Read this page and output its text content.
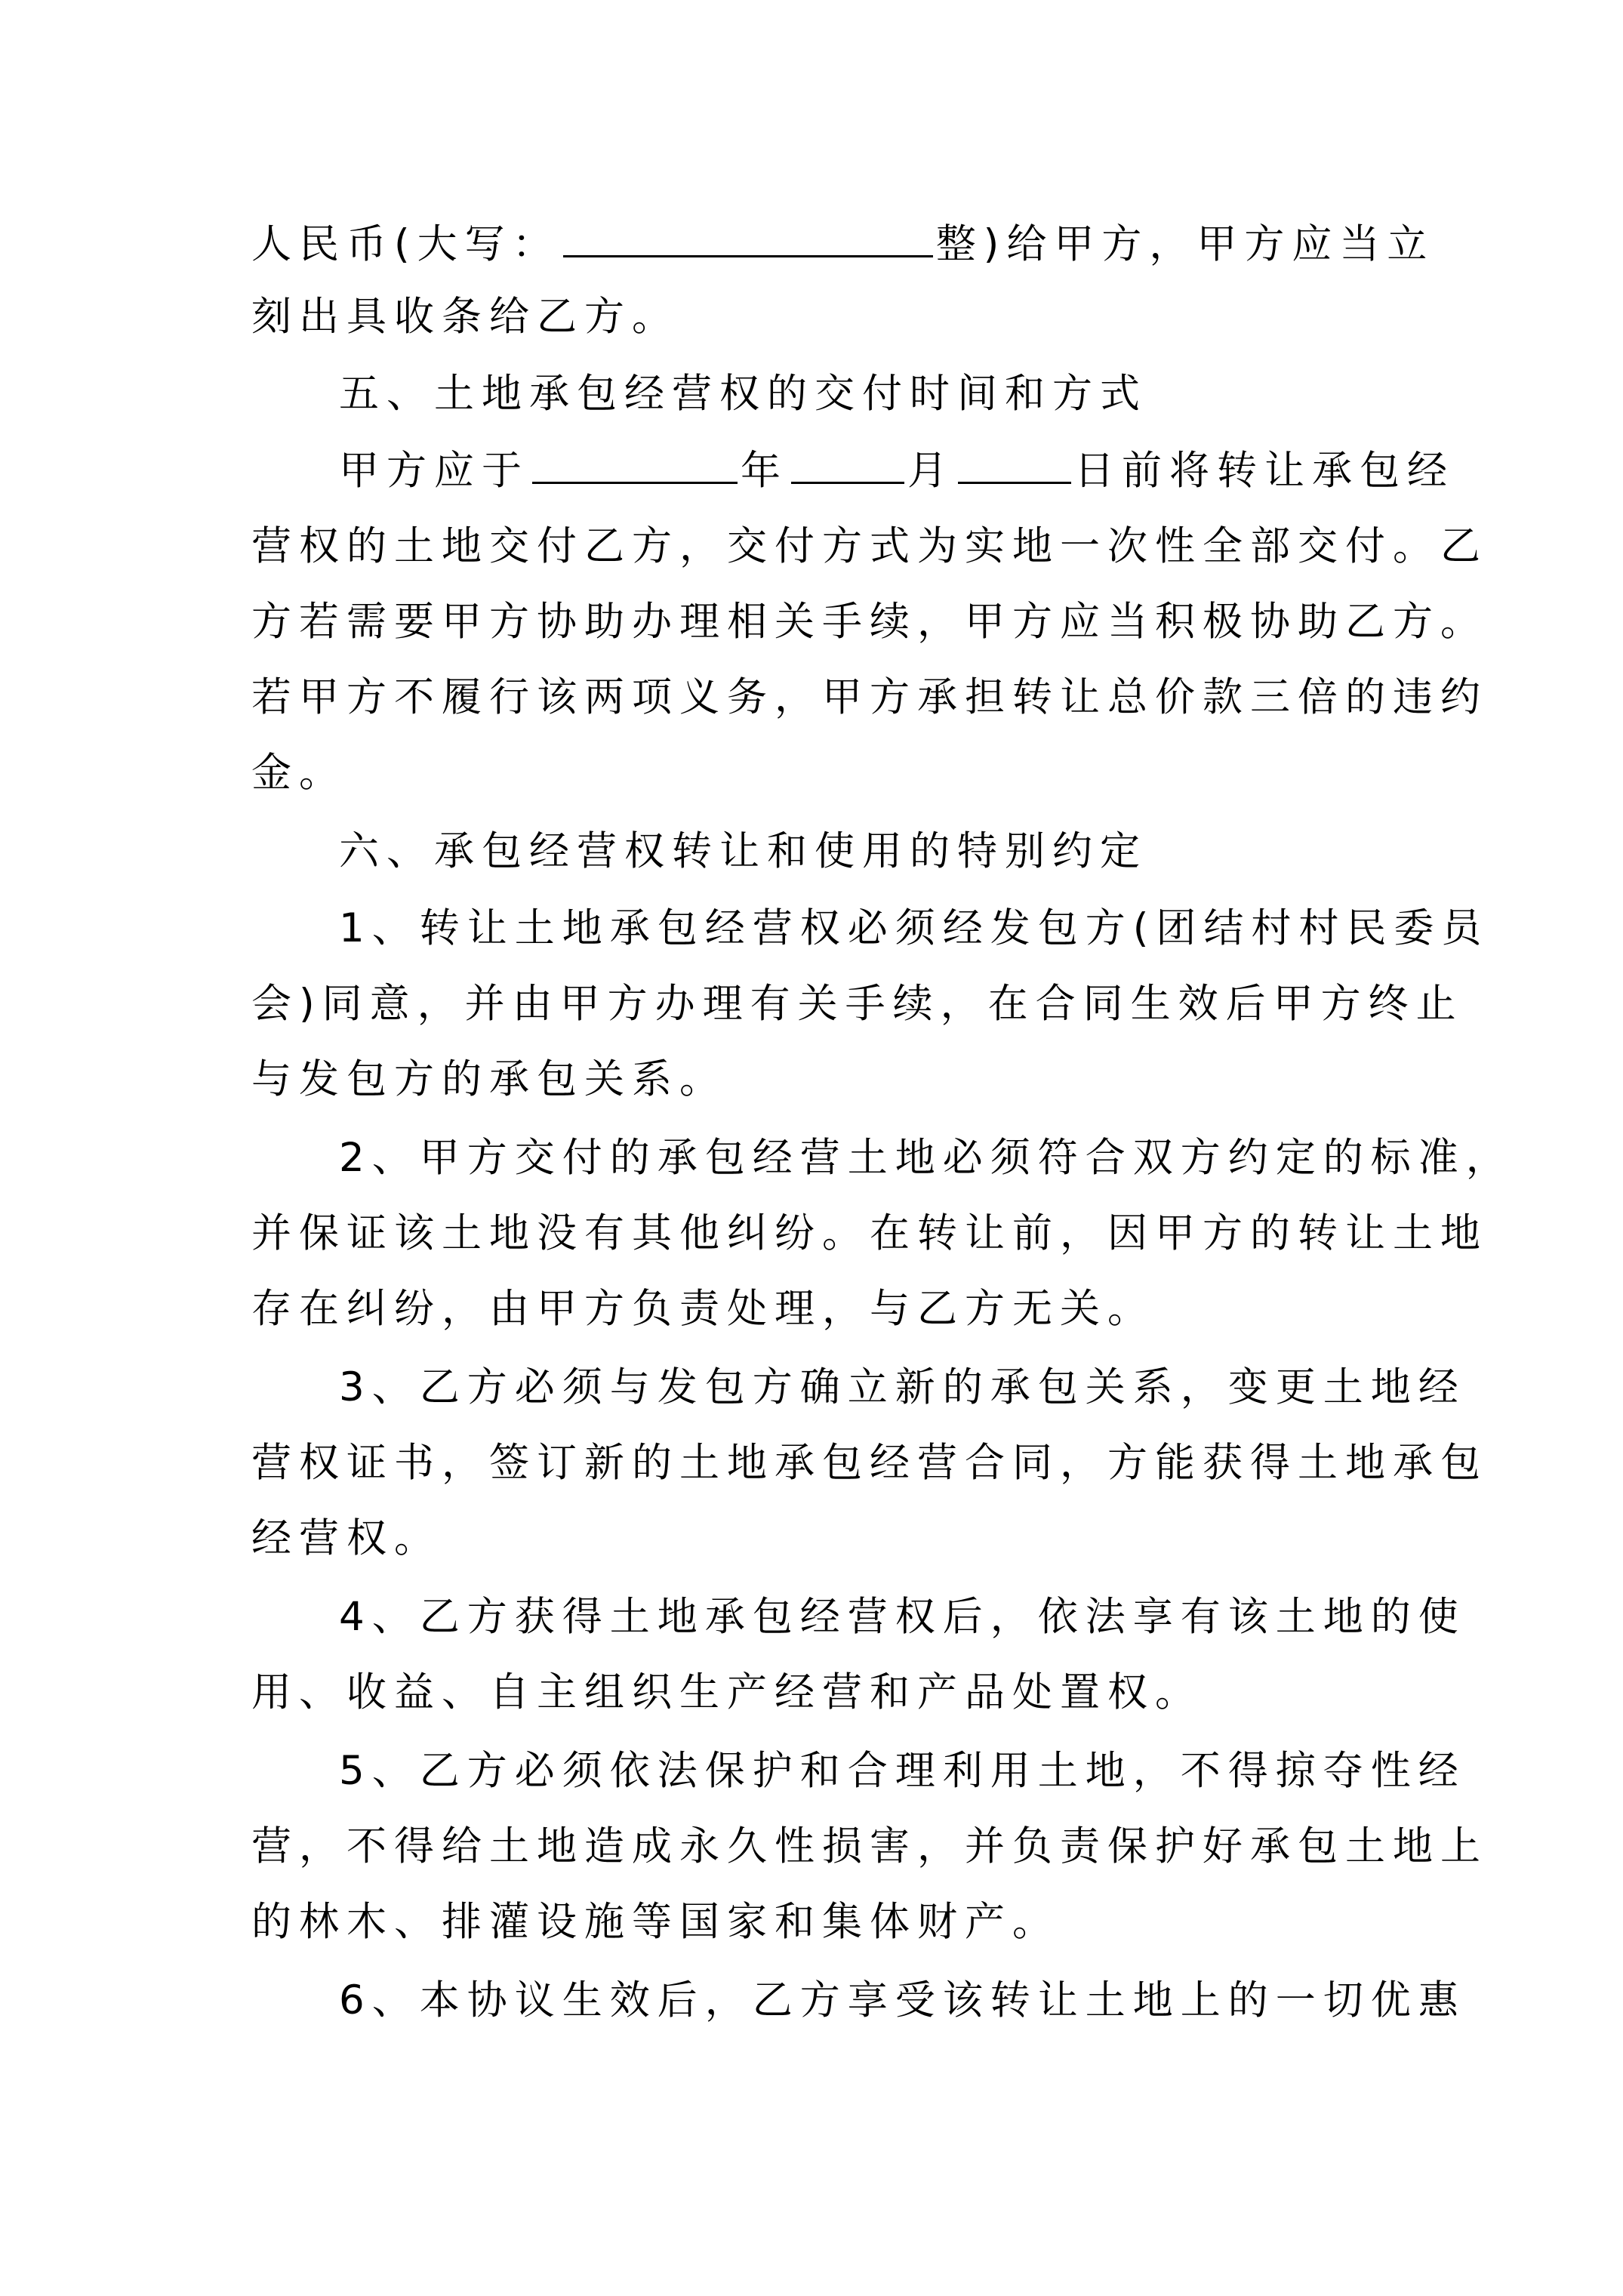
人民币(大写：	整)给甲方，甲方应当立
刻出具收条给乙方。
五、土地承包经营权的交付时间和方式
甲方应于	年	月	日前将转让承包经
营权的土地交付乙方，交付方式为实地一次性全部交付。乙
方若需要甲方协助办理相关手续，甲方应当积极协助乙方。
若甲方不履行该两项义务，甲方承担转让总价款三倍的违约
金。
六、承包经营权转让和使用的特别约定
1、转让土地承包经营权必须经发包方(团结村村民委员
会)同意，并由甲方办理有关手续，在合同生效后甲方终止
与发包方的承包关系。
2、甲方交付的承包经营土地必须符合双方约定的标准，
并保证该土地没有其他纠纷。在转让前，因甲方的转让土地
存在纠纷，由甲方负责处理，与乙方无关。
3、乙方必须与发包方确立新的承包关系，变更土地经
营权证书，签订新的土地承包经营合同，方能获得土地承包
经营权。
4、乙方获得土地承包经营权后，依法享有该土地的使
用、收益、自主组织生产经营和产品处置权。
5、乙方必须依法保护和合理利用土地，不得掠夺性经
营，不得给土地造成永久性损害，并负责保护好承包土地上
的林木、排灌设施等国家和集体财产。
6、本协议生效后，乙方享受该转让土地上的一切优惠
